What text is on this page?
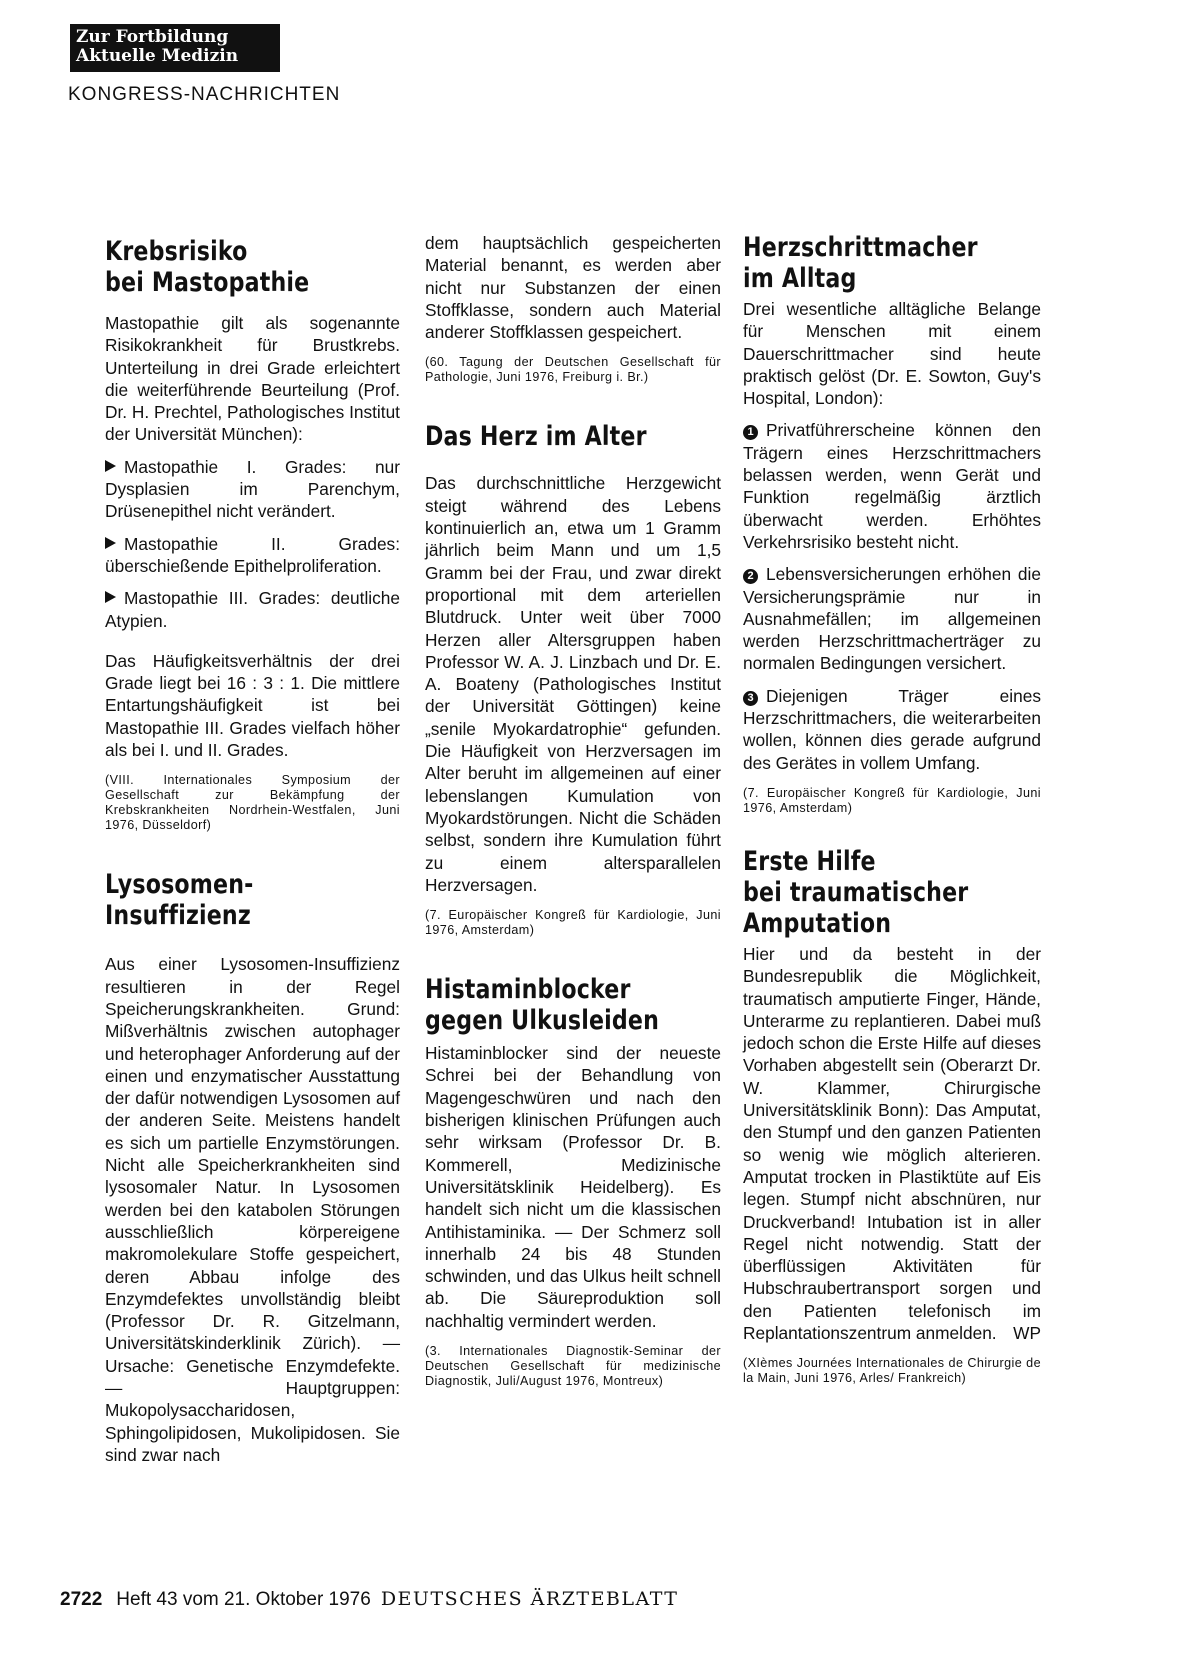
Zur Fortbildung
Aktuelle Medizin
KONGRESS-NACHRICHTEN
Krebsrisiko
bei Mastopathie

Mastopathie gilt als sogenannte Risikokrankheit für Brustkrebs. Unterteilung in drei Grade erleichtert die weiterführende Beurteilung (Prof. Dr. H. Prechtel, Pathologisches Institut der Universität München):

Mastopathie I. Grades: nur Dysplasien im Parenchym, Drüsenepithel nicht verändert.
Mastopathie II. Grades: überschießende Epithelproliferation.
Mastopathie III. Grades: deutliche Atypien.

Das Häufigkeitsverhältnis der drei Grade liegt bei 16 : 3 : 1. Die mittlere Entartungshäufigkeit ist bei Mastopathie III. Grades vielfach höher als bei I. und II. Grades.

(VIII. Internationales Symposium der Gesellschaft zur Bekämpfung der Krebskrankheiten Nordrhein-Westfalen, Juni 1976, Düsseldorf)

Lysosomen-
Insuffizienz

Aus einer Lysosomen-Insuffizienz resultieren in der Regel Speicherungskrankheiten. Grund: Mißverhältnis zwischen autophager und heterophager Anforderung auf der einen und enzymatischer Ausstattung der dafür notwendigen Lysosomen auf der anderen Seite. Meistens handelt es sich um partielle Enzymstörungen. Nicht alle Speicherkrankheiten sind lysosomaler Natur. In Lysosomen werden bei den katabolen Störungen ausschließlich körpereigene makromolekulare Stoffe gespeichert, deren Abbau infolge des Enzymdefektes unvollständig bleibt (Professor Dr. R. Gitzelmann, Universitätskinderklinik Zürich). — Ursache: Genetische Enzymdefekte. — Hauptgruppen: Mukopolysaccharidosen, Sphingolipidosen, Mukolipidosen. Sie sind zwar nach

dem hauptsächlich gespeicherten Material benannt, es werden aber nicht nur Substanzen der einen Stoffklasse, sondern auch Material anderer Stoffklassen gespeichert.

(60. Tagung der Deutschen Gesellschaft für Pathologie, Juni 1976, Freiburg i. Br.)

Das Herz im Alter

Das durchschnittliche Herzgewicht steigt während des Lebens kontinuierlich an, etwa um 1 Gramm jährlich beim Mann und um 1,5 Gramm bei der Frau, und zwar direkt proportional mit dem arteriellen Blutdruck. Unter weit über 7000 Herzen aller Altersgruppen haben Professor W. A. J. Linzbach und Dr. E. A. Boateny (Pathologisches Institut der Universität Göttingen) keine „senile Myokardatrophie“ gefunden. Die Häufigkeit von Herzversagen im Alter beruht im allgemeinen auf einer lebenslangen Kumulation von Myokardstörungen. Nicht die Schäden selbst, sondern ihre Kumulation führt zu einem altersparallelen Herzversagen.

(7. Europäischer Kongreß für Kardiologie, Juni 1976, Amsterdam)

Histaminblocker
gegen Ulkusleiden

Histaminblocker sind der neueste Schrei bei der Behandlung von Magengeschwüren und nach den bisherigen klinischen Prüfungen auch sehr wirksam (Professor Dr. B. Kommerell, Medizinische Universitätsklinik Heidelberg). Es handelt sich nicht um die klassischen Antihistaminika. — Der Schmerz soll innerhalb 24 bis 48 Stunden schwinden, und das Ulkus heilt schnell ab. Die Säureproduktion soll nachhaltig vermindert werden.

(3. Internationales Diagnostik-Seminar der Deutschen Gesellschaft für medizinische Diagnostik, Juli/August 1976, Montreux)

Herzschrittmacher
im Alltag

Drei wesentliche alltägliche Belange für Menschen mit einem Dauerschrittmacher sind heute praktisch gelöst (Dr. E. Sowton, Guy's Hospital, London):

1 Privatführerscheine können den Trägern eines Herzschrittmachers belassen werden, wenn Gerät und Funktion regelmäßig ärztlich überwacht werden. Erhöhtes Verkehrsrisiko besteht nicht.
2 Lebensversicherungen erhöhen die Versicherungsprämie nur in Ausnahmefällen; im allgemeinen werden Herzschrittmacherträger zu normalen Bedingungen versichert.
3 Diejenigen Träger eines Herzschrittmachers, die weiterarbeiten wollen, können dies gerade aufgrund des Gerätes in vollem Umfang.

(7. Europäischer Kongreß für Kardiologie, Juni 1976, Amsterdam)

Erste Hilfe
bei traumatischer
Amputation

Hier und da besteht in der Bundesrepublik die Möglichkeit, traumatisch amputierte Finger, Hände, Unterarme zu replantieren. Dabei muß jedoch schon die Erste Hilfe auf dieses Vorhaben abgestellt sein (Oberarzt Dr. W. Klammer, Chirurgische Universitätsklinik Bonn): Das Amputat, den Stumpf und den ganzen Patienten so wenig wie möglich alterieren. Amputat trocken in Plastiktüte auf Eis legen. Stumpf nicht abschnüren, nur Druckverband! Intubation ist in aller Regel nicht notwendig. Statt der überflüssigen Aktivitäten für Hubschraubertransport sorgen und den Patienten telefonisch im Replantationszentrum anmelden. WP

(XIèmes Journées Internationales de Chirurgie de la Main, Juni 1976, Arles/ Frankreich)

2722 Heft 43 vom 21. Oktober 1976 DEUTSCHES ÄRZTEBLATT
